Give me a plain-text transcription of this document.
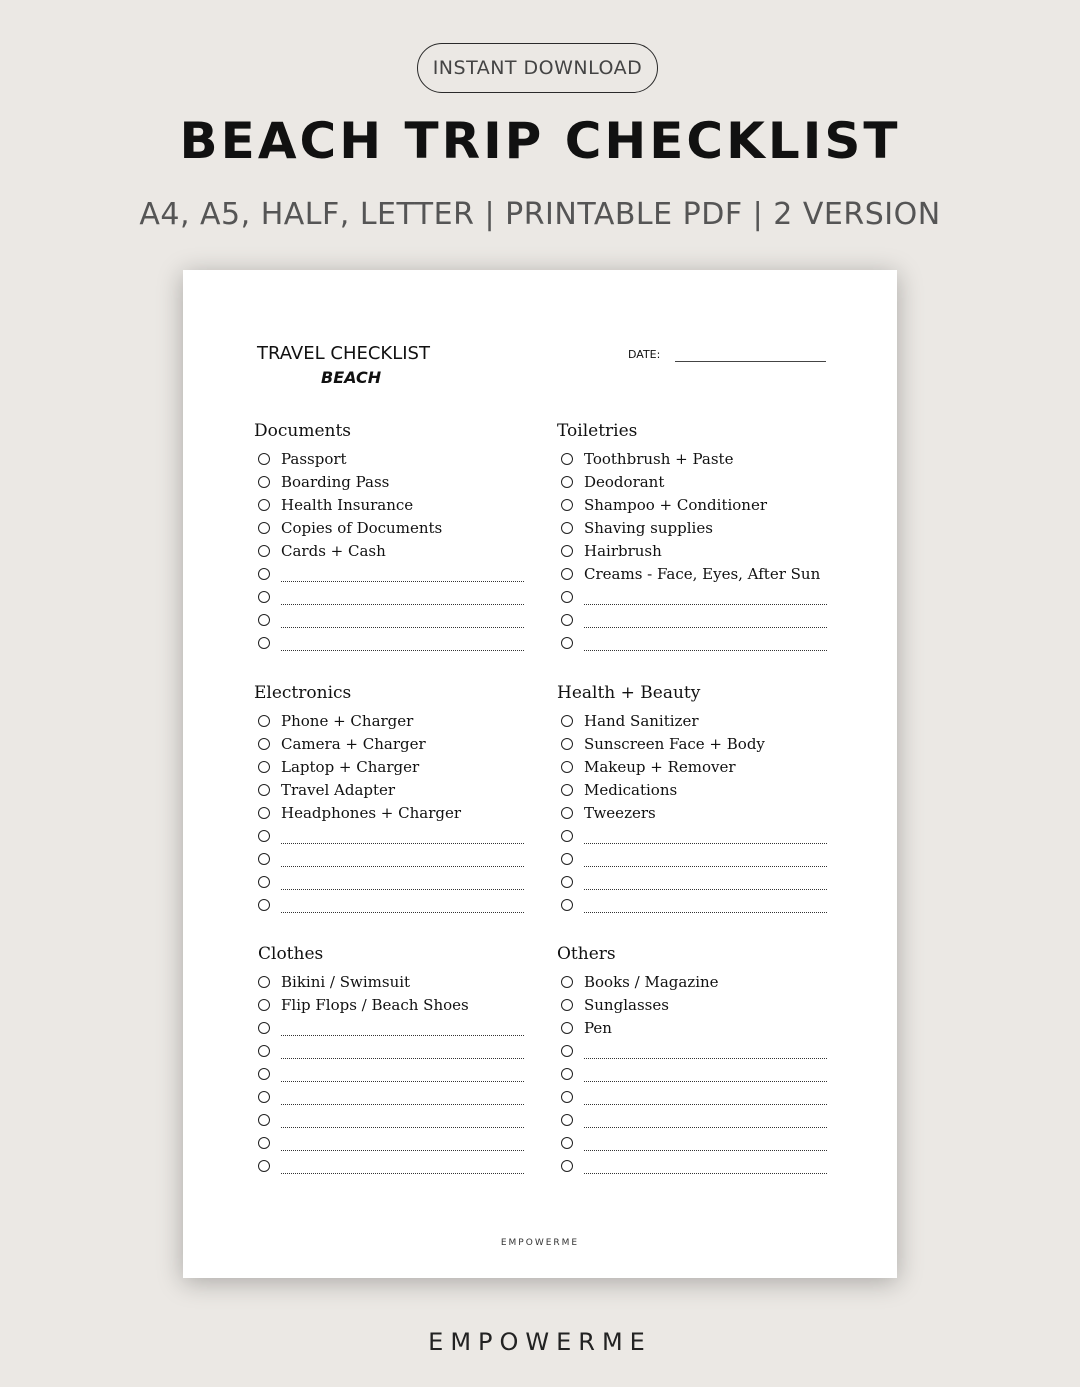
INSTANT DOWNLOAD
BEACH TRIP CHECKLIST
A4, A5, HALF, LETTER | PRINTABLE PDF | 2 VERSION
TRAVEL CHECKLIST
BEACH
DATE:
Documents
Passport
Boarding Pass
Health Insurance
Copies of Documents
Cards + Cash
Toiletries
Toothbrush + Paste
Deodorant
Shampoo + Conditioner
Shaving supplies
Hairbrush
Creams - Face, Eyes, After Sun
Electronics
Phone + Charger
Camera + Charger
Laptop + Charger
Travel Adapter
Headphones + Charger
Health + Beauty
Hand Sanitizer
Sunscreen Face + Body
Makeup + Remover
Medications
Tweezers
Clothes
Bikini / Swimsuit
Flip Flops / Beach Shoes
Others
Books / Magazine
Sunglasses
Pen
EMPOWERME
EMPOWERME
